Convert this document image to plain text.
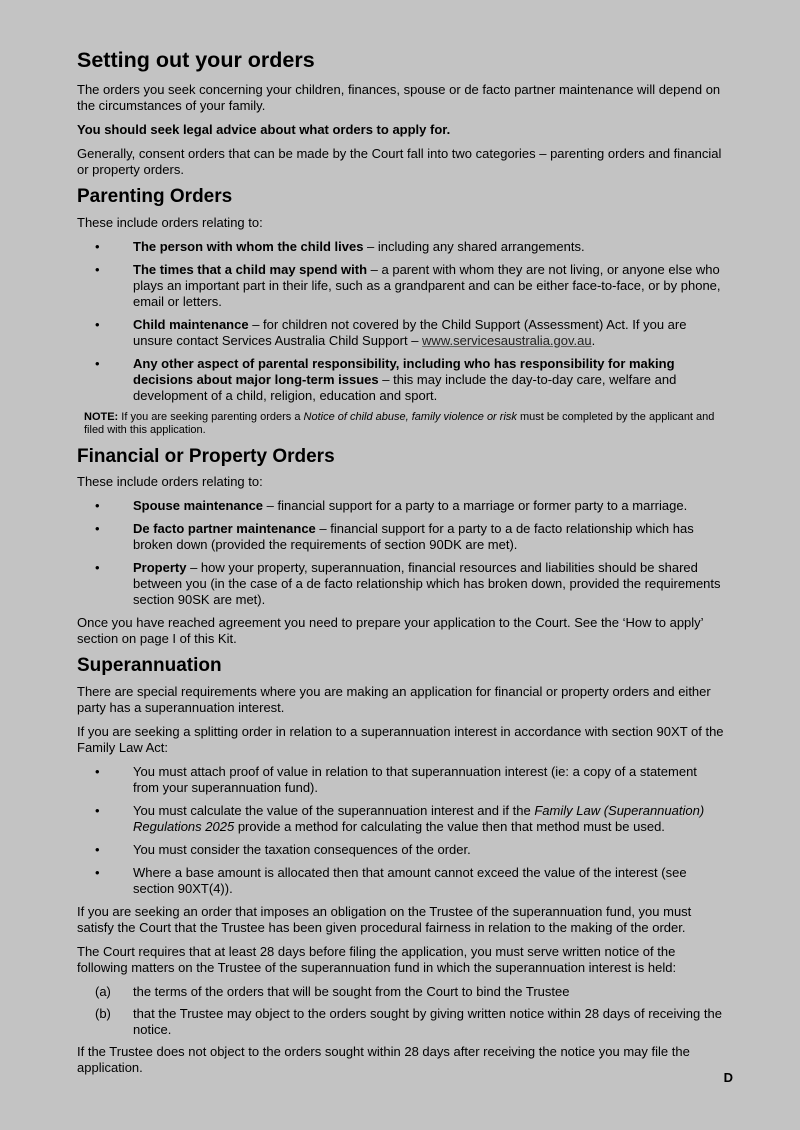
Setting out your orders

The orders you seek concerning your children, finances, spouse or de facto partner maintenance will depend on the circumstances of your family.

You should seek legal advice about what orders to apply for.

Generally, consent orders that can be made by the Court fall into two categories – parenting orders and financial or property orders.

Parenting Orders

These include orders relating to:

•	The person with whom the child lives – including any shared arrangements.
•	The times that a child may spend with – a parent with whom they are not living, or anyone else who plays an important part in their life, such as a grandparent and can be either face-to-face, or by phone, email or letters.
•	Child maintenance – for children not covered by the Child Support (Assessment) Act. If you are unsure contact Services Australia Child Support – www.servicesaustralia.gov.au.
•	Any other aspect of parental responsibility, including who has responsibility for making decisions about major long-term issues – this may include the day-to-day care, welfare and development of a child, religion, education and sport.

NOTE: If you are seeking parenting orders a Notice of child abuse, family violence or risk must be completed by the applicant and filed with this application.

Financial or Property Orders

These include orders relating to:

•	Spouse maintenance – financial support for a party to a marriage or former party to a marriage.
•	De facto partner maintenance – financial support for a party to a de facto relationship which has broken down (provided the requirements of section 90DK are met).
•	Property – how your property, superannuation, financial resources and liabilities should be shared between you (in the case of a de facto relationship which has broken down, provided the requirements section 90SK are met).

Once you have reached agreement you need to prepare your application to the Court. See the ‘How to apply’ section on page I of this Kit.

Superannuation

There are special requirements where you are making an application for financial or property orders and either party has a superannuation interest.

If you are seeking a splitting order in relation to a superannuation interest in accordance with section 90XT of the Family Law Act:

•	You must attach proof of value in relation to that superannuation interest (ie: a copy of a statement from your superannuation fund).
•	You must calculate the value of the superannuation interest and if the Family Law (Superannuation) Regulations 2025 provide a method for calculating the value then that method must be used.
•	You must consider the taxation consequences of the order.
•	Where a base amount is allocated then that amount cannot exceed the value of the interest (see section 90XT(4)).

If you are seeking an order that imposes an obligation on the Trustee of the superannuation fund, you must satisfy the Court that the Trustee has been given procedural fairness in relation to the making of the order.

The Court requires that at least 28 days before filing the application, you must serve written notice of the following matters on the Trustee of the superannuation fund in which the superannuation interest is held:

(a) the terms of the orders that will be sought from the Court to bind the Trustee
(b) that the Trustee may object to the orders sought by giving written notice within 28 days of receiving the notice.

If the Trustee does not object to the orders sought within 28 days after receiving the notice you may file the application.

D
